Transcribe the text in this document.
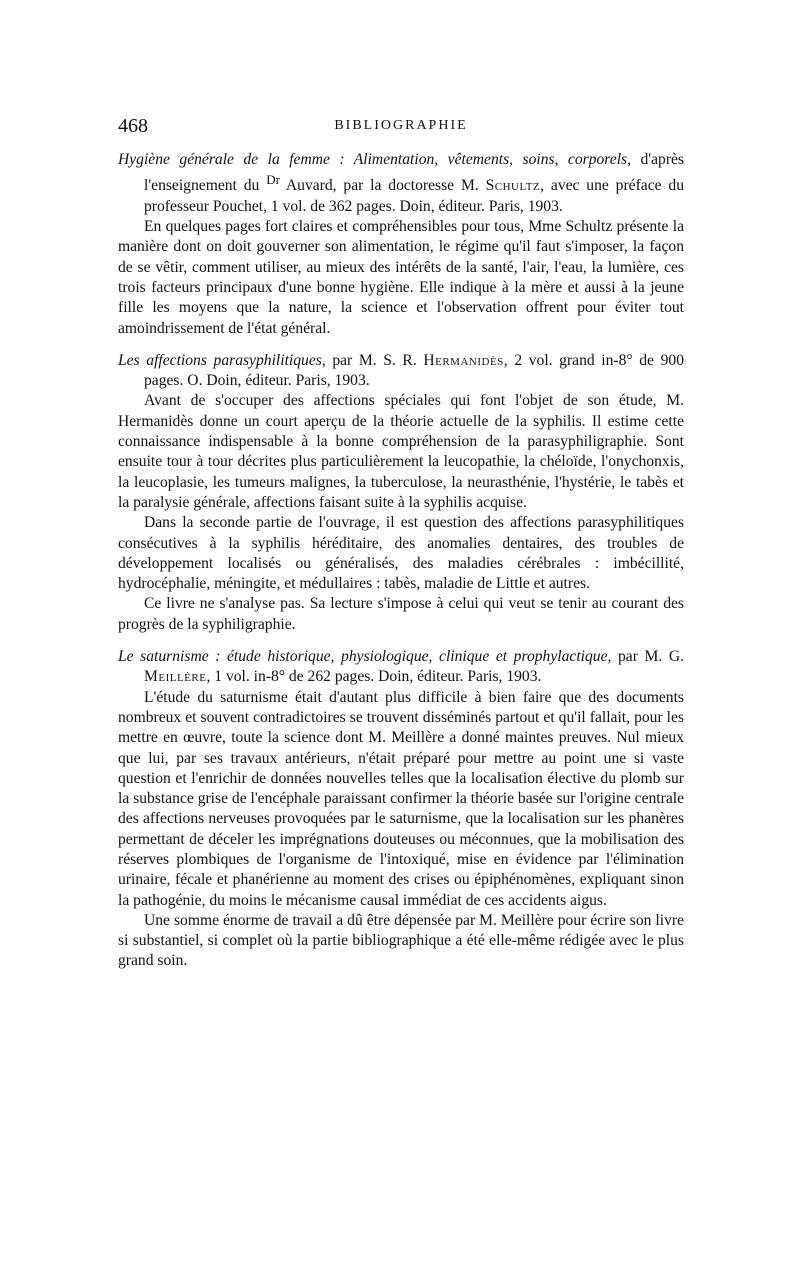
468	BIBLIOGRAPHIE

Hygiène générale de la femme : Alimentation, vêtements, soins, corporels, d'après l'enseignement du $^{Dr}$ Auvard, par la doctoresse M. Schultz, avec une préface du professeur Pouchet, 1 vol. de 362 pages. Doin, éditeur. Paris, 1903.

En quelques pages fort claires et compréhensibles pour tous, Mme Schultz présente la manière dont on doit gouverner son alimentation, le régime qu'il faut s'imposer, la façon de se vêtir, comment utiliser, au mieux des intérêts de la santé, l'air, l'eau, la lumière, ces trois facteurs principaux d'une bonne hygiène. Elle indique à la mère et aussi à la jeune fille les moyens que la nature, la science et l'observation offrent pour éviter tout amoindrissement de l'état général.

Les affections parasyphilitiques, par M. S. R. Hermanidès, 2 vol. grand in-8° de 900 pages. O. Doin, éditeur. Paris, 1903.

Avant de s'occuper des affections spéciales qui font l'objet de son étude, M. Hermanidès donne un court aperçu de la théorie actuelle de la syphilis. Il estime cette connaissance indispensable à la bonne compréhension de la parasyphiligraphie. Sont ensuite tour à tour décrites plus particulièrement la leucopathie, la chéloïde, l'onychonxis, la leucoplasie, les tumeurs malignes, la tuberculose, la neurasthénie, l'hystérie, le tabès et la paralysie générale, affections faisant suite à la syphilis acquise.

Dans la seconde partie de l'ouvrage, il est question des affections parasyphilitiques consécutives à la syphilis héréditaire, des anomalies dentaires, des troubles de développement localisés ou généralisés, des maladies cérébrales : imbécillité, hydrocéphalie, méningite, et médullaires : tabès, maladie de Little et autres.

Ce livre ne s'analyse pas. Sa lecture s'impose à celui qui veut se tenir au courant des progrès de la syphiligraphie.

Le saturnisme : étude historique, physiologique, clinique et prophylactique, par M. G. Meillère, 1 vol. in-8° de 262 pages. Doin, éditeur. Paris, 1903.

L'étude du saturnisme était d'autant plus difficile à bien faire que des documents nombreux et souvent contradictoires se trouvent disséminés partout et qu'il fallait, pour les mettre en œuvre, toute la science dont M. Meillère a donné maintes preuves. Nul mieux que lui, par ses travaux antérieurs, n'était préparé pour mettre au point une si vaste question et l'enrichir de données nouvelles telles que la localisation élective du plomb sur la substance grise de l'encéphale paraissant confirmer la théorie basée sur l'origine centrale des affections nerveuses provoquées par le saturnisme, que la localisation sur les phanères permettant de déceler les imprégnations douteuses ou méconnues, que la mobilisation des réserves plombiques de l'organisme de l'intoxiqué, mise en évidence par l'élimination urinaire, fécale et phanérienne au moment des crises ou épiphénomènes, expliquant sinon la pathogénie, du moins le mécanisme causal immédiat de ces accidents aigus.

Une somme énorme de travail a dû être dépensée par M. Meillère pour écrire son livre si substantiel, si complet où la partie bibliographique a été elle-même rédigée avec le plus grand soin.
